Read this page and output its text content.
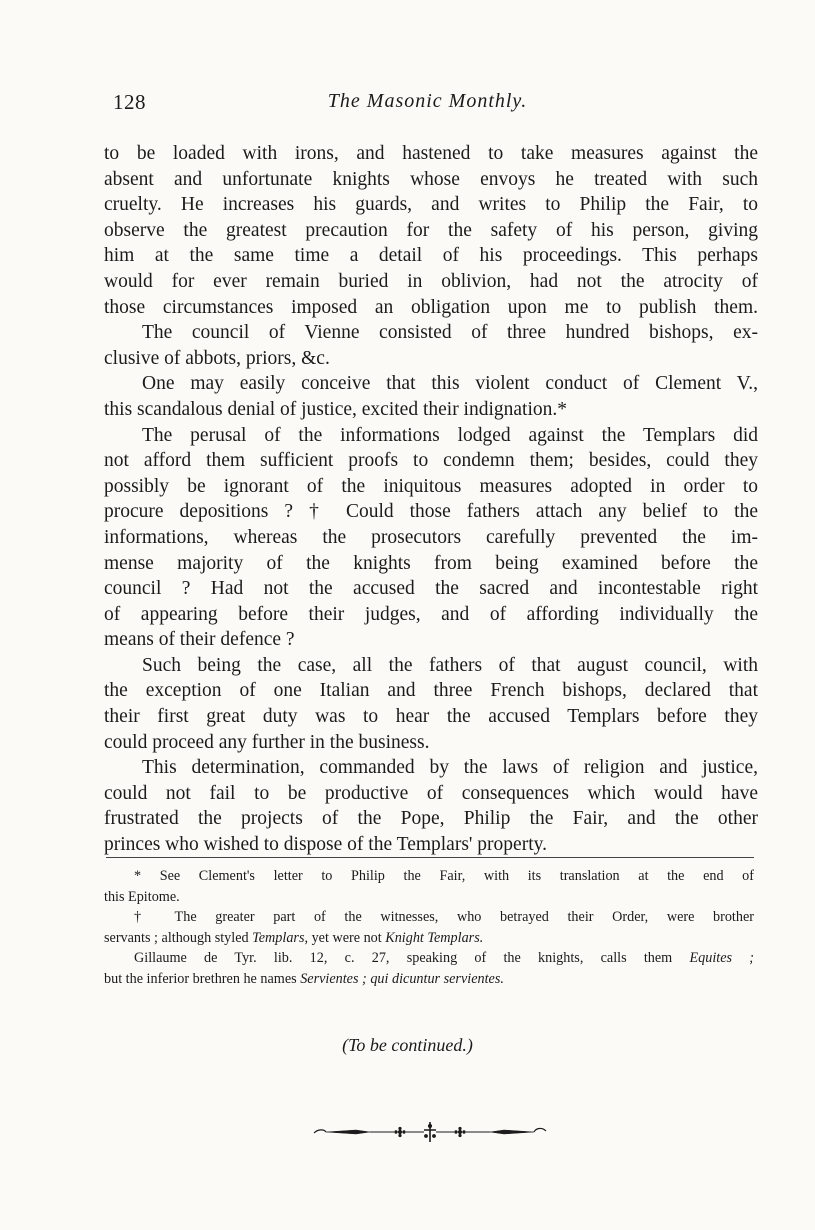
128	The Masonic Monthly.
to be loaded with irons, and hastened to take measures against the
absent and unfortunate knights whose envoys he treated with such
cruelty. He increases his guards, and writes to Philip the Fair, to
observe the greatest precaution for the safety of his person, giving
him at the same time a detail of his proceedings. This perhaps
would for ever remain buried in oblivion, had not the atrocity of
those circumstances imposed an obligation upon me to publish them.
The council of Vienne consisted of three hundred bishops, ex-
clusive of abbots, priors, &c.
One may easily conceive that this violent conduct of Clement V.,
this scandalous denial of justice, excited their indignation.*
The perusal of the informations lodged against the Templars did
not afford them sufficient proofs to condemn them; besides, could they
possibly be ignorant of the iniquitous measures adopted in order to
procure depositions ? † Could those fathers attach any belief to the
informations, whereas the prosecutors carefully prevented the im-
mense majority of the knights from being examined before the
council ? Had not the accused the sacred and incontestable right
of appearing before their judges, and of affording individually the
means of their defence ?
Such being the case, all the fathers of that august council, with
the exception of one Italian and three French bishops, declared that
their first great duty was to hear the accused Templars before they
could proceed any further in the business.
This determination, commanded by the laws of religion and justice,
could not fail to be productive of consequences which would have
frustrated the projects of the Pope, Philip the Fair, and the other
princes who wished to dispose of the Templars' property.
* See Clement's letter to Philip the Fair, with its translation at the end of
this Epitome.
† The greater part of the witnesses, who betrayed their Order, were brother
servants ; although styled Templars, yet were not Knight Templars.
Gillaume de Tyr. lib. 12, c. 27, speaking of the knights, calls them Equites ;
but the inferior brethren he names Servientes ; qui dicuntur servientes.
(To be continued.)
